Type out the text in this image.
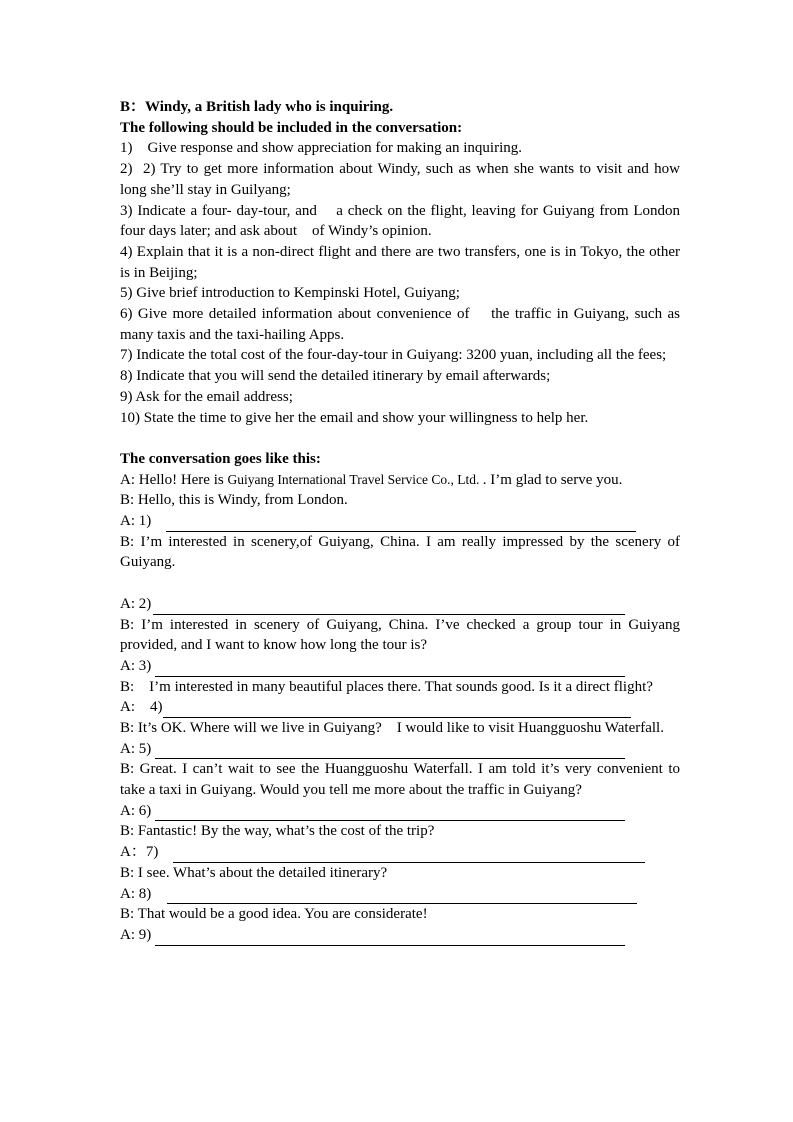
B：Windy, a British lady who is inquiring.
The following should be included in the conversation:
1)    Give response and show appreciation for making an inquiring.
2)  2) Try to get more information about Windy, such as when she wants to visit and how long she’ll stay in Guilyang;
3) Indicate a four- day-tour, and    a check on the flight, leaving for Guiyang from London four days later; and ask about    of Windy’s opinion.
4) Explain that it is a non-direct flight and there are two transfers, one is in Tokyo, the other is in Beijing;
5) Give brief introduction to Kempinski Hotel, Guiyang;
6) Give more detailed information about convenience of    the traffic in Guiyang, such as many taxis and the taxi-hailing Apps.
7) Indicate the total cost of the four-day-tour in Guiyang: 3200 yuan, including all the fees;
8) Indicate that you will send the detailed itinerary by email afterwards;
9) Ask for the email address;
10) State the time to give her the email and show your willingness to help her.
The conversation goes like this:
A: Hello! Here is Guiyang International Travel Service Co., Ltd. . I’m glad to serve you.
B: Hello, this is Windy, from London.
A: 1)
B: I’m interested in scenery,of Guiyang, China. I am really impressed by the scenery of Guiyang.
A: 2)
B: I’m interested in scenery of Guiyang, China. I’ve checked a group tour in Guiyang provided, and I want to know how long the tour is?
A: 3)
B:    I’m interested in many beautiful places there. That sounds good. Is it a direct flight?
A:    4)
B: It’s OK. Where will we live in Guiyang?    I would like to visit Huangguoshu Waterfall.
A: 5)
B: Great. I can’t wait to see the Huangguoshu Waterfall. I am told it’s very convenient to take a taxi in Guiyang. Would you tell me more about the traffic in Guiyang?
A: 6)
B: Fantastic! By the way, what’s the cost of the trip?
A：7)
B: I see. What’s about the detailed itinerary?
A: 8)
B: That would be a good idea. You are considerate!
A: 9)
